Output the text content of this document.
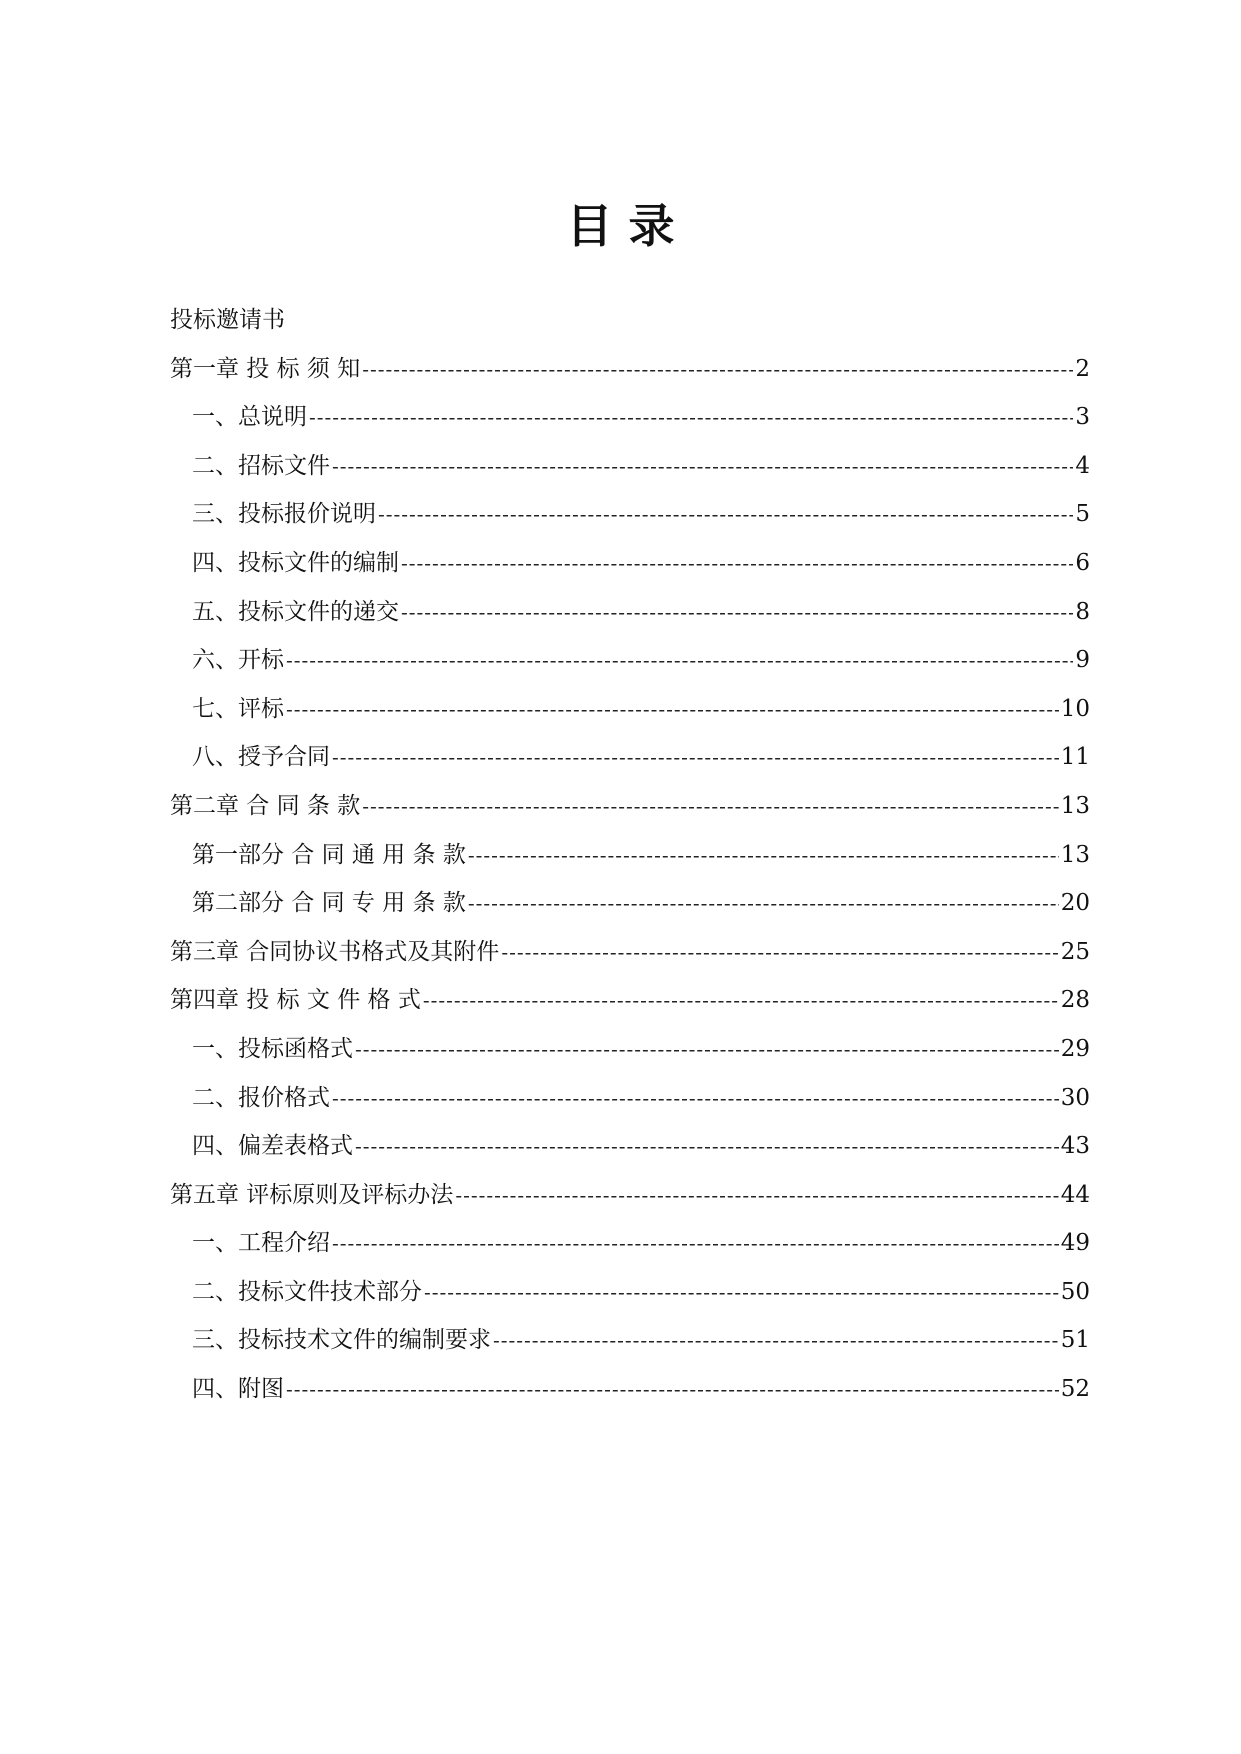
目 录
投标邀请书
第一章 投 标 须 知 -----	2
一、总说明 -----	3
二、招标文件 -----	4
三、投标报价说明 -----	5
四、投标文件的编制 -----	6
五、投标文件的递交 -----	8
六、开标 -----	9
七、评标 -----	10
八、授予合同 -----	11
第二章 合 同 条 款 -----	13
第一部分 合 同 通 用 条 款 -----	13
第二部分 合 同 专 用 条 款 -----	20
第三章 合同协议书格式及其附件 -----	25
第四章 投 标 文 件 格 式 -----	28
一、投标函格式 -----	29
二、报价格式 -----	30
四、偏差表格式 -----	43
第五章 评标原则及评标办法 -----	44
一、工程介绍 -----	49
二、投标文件技术部分 -----	50
三、投标技术文件的编制要求 -----	51
四、附图 -----	52
